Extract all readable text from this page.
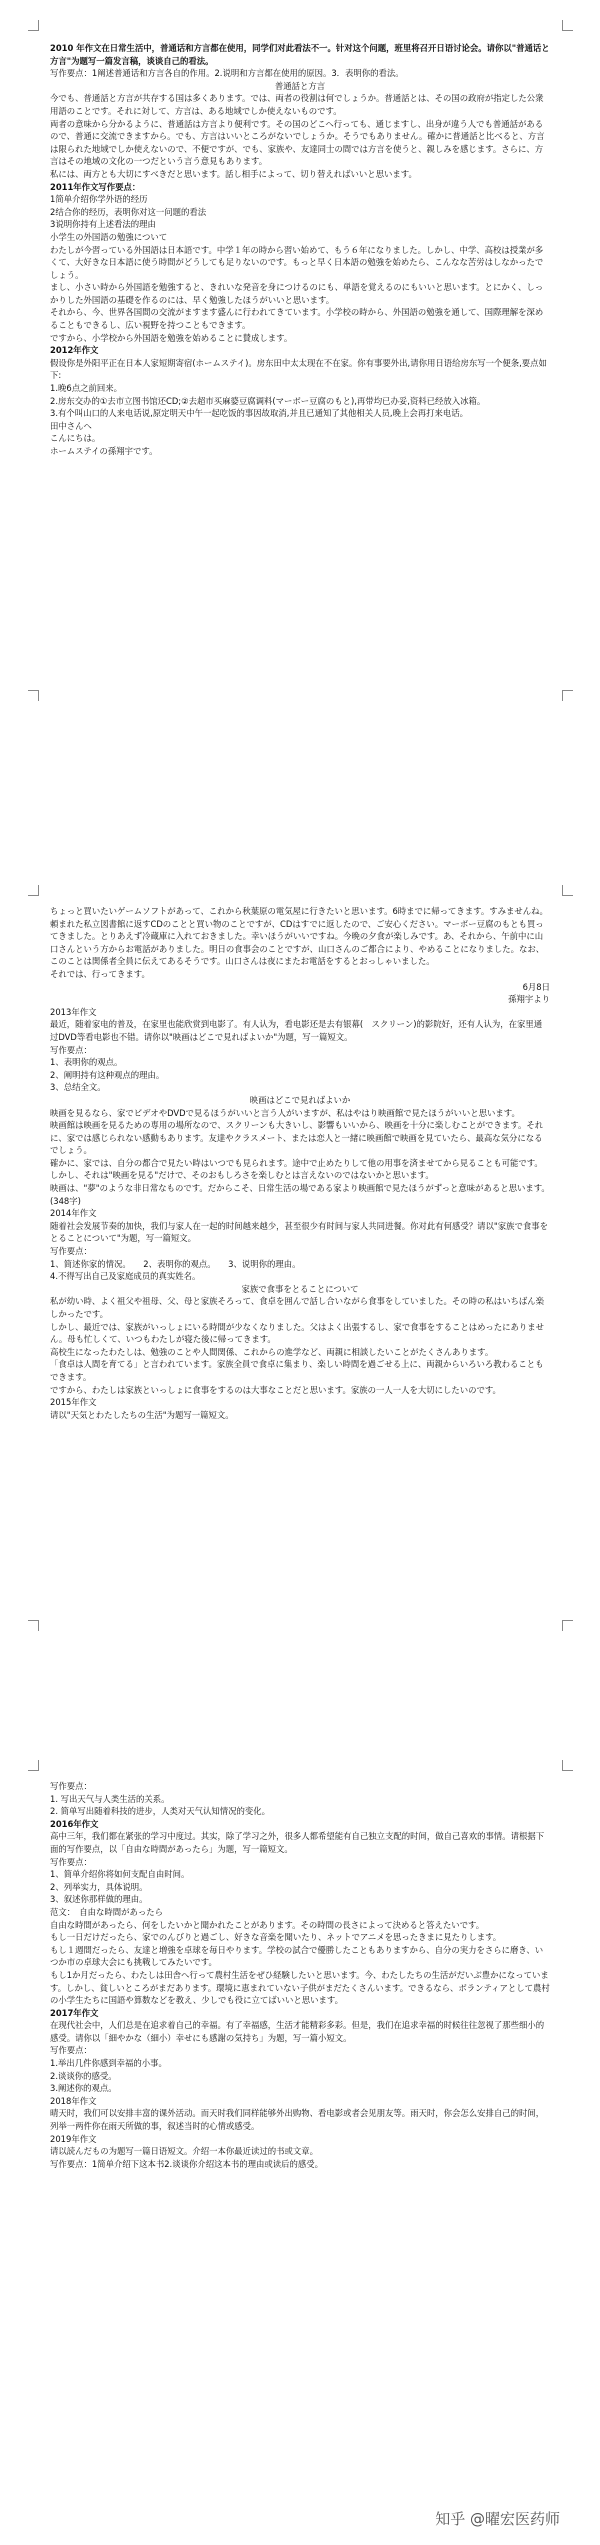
2010 年作文在日常生活中，普通话和方言都在使用，同学们对此看法不一。针对这个问题，班里将召开日语讨论会。请你以"普通话と方言"为题写一篇发言稿，谈谈自己的看法。

写作要点：1阐述普通话和方言各自的作用。2.说明和方言都在使用的原因。3．表明你的看法。

普通話と方言

今でも、普通話と方言が共存する国は多くあります。では、両者の役割は何でしょうか。普通話とは、その国の政府が指定した公衆用語のことです。それに対して、方言は、ある地域でしか使えないものです。

両者の意味から分かるように、普通話は方言より便利です。その国のどこへ行っても、通じますし、出身が違う人でも普通話があるので、普通に交流できますから。でも、方言はいいところがないでしょうか。そうでもありません。確かに普通話と比べると、方言は限られた地域でしか使えないので、不便ですが、でも、家族や、友達同士の間では方言を使うと、親しみを感じます。さらに、方言はその地域の文化の一つだという言う意見もあります。

私には、両方とも大切にすべきだと思います。話し相手によって、切り替えればいいと思います。

2011年作文写作要点：

1简单介绍你学外语的经历

2结合你的经历，表明你对这一问题的看法

3说明你持有上述看法的理由

小学生の外国語の勉強について

わたしが今習っている外国語は日本語です。中学１年の時から習い始めて、もう６年になりました。しかし、中学、高校は授業が多くて、大好きな日本語に使う時間がどうしても足りないのです。もっと早く日本語の勉強を始めたら、こんなな苦労はしなかったでしょう。

まし、小さい時から外国語を勉強すると、きれいな発音を身につけるのにも、単語を覚えるのにもいいと思います。とにかく、しっかりした外国語の基礎を作るのには、早く勉強したほうがいいと思います。

それから、今、世界各国間の交流がますます盛んに行われてきています。小学校の時から、外国語の勉強を通して、国際理解を深めることもできるし、広い視野を持つこともできます。

ですから、小学校から外国語を勉強を始めることに賛成します。

2012年作文

假设你是外阳平正在日本人家短期寄宿(ホームステイ)。房东田中太太现在不在家。你有事要外出,请你用日语给房东写一个便条,要点如下:

1.晚6点之前回来。

2.房东交办的①去市立图书馆还CD;②去超市买麻婆豆腐调料(マーボー豆腐のもと),再带均已办妥,资料已经放入冰箱。

3.有个叫山口的人来电话说,原定明天中午一起吃饭的事因故取消,并且已通知了其他相关人员,晚上会再打来电话。

田中さんへ

こんにちは。

ホームステイの孫翔宇です。

ちょっと買いたいゲームソフトがあって、これから秋葉原の電気屋に行きたいと思います。6時までに帰ってきます。すみませんね。

頼まれた私立図書館に返すCDのことと買い物のことですが、CDはすでに返したので、ご安心ください。マーボー豆腐のもとも買ってきました。とりあえず冷蔵庫に入れておきました。幸いほうがいいですね。今晩の夕食が楽しみです。あ、それから、午前中に山口さんという方からお電話がありました。明日の食事会のことですが、山口さんのご都合により、やめることになりました。なお、このことは関係者全員に伝えてあるそうです。山口さんは夜にまたお電話をするとおっしゃいました。

それでは、行ってきます。

6月8日

孫翔宇より

2013年作文

最近，随着家电的普及，在家里也能欣赏到电影了。有人认为，看电影还是去有银幕(　スクリーン)的影院好，还有人认为，在家里通过DVD等看电影也不错。请你以"映画はどこで見ればよいか"为题，写一篇短文。

写作要点：

1、表明你的观点。

2、阐明持有这种观点的理由。

3、总结全文。

映画はどこで見ればよいか

映画を見るなら、家でビデオやDVDで見るほうがいいと言う人がいますが、私はやはり映画館で見たほうがいいと思います。

映画館は映画を見るための専用の場所なので、スクリーンも大きいし、影響もいいから、映画を十分に楽しむことができます。それに、家では感じられない感動もあります。友達やクラスメート、または恋人と一緒に映画館で映画を見ていたら、最高な気分になるでしょう。

確かに、家では、自分の都合で見たい時はいつでも見られます。途中で止めたりして他の用事を済ませてから見ることも可能です。しかし、それは"映画を見る"だけで、そのおもしろさを楽しむとは言えないのではないかと思います。

映画は、"夢"のような非日常なものです。だからこそ、日常生活の場である家より映画館で見たほうがずっと意味があると思います。(348字)

2014年作文

随着社会发展节奏的加快，我们与家人在一起的时间越来越少，甚至很少有时间与家人共同进餐。你对此有何感受？请以"家族で食事をとることについて"为题，写一篇短文。

写作要点：

1、简述你家的情况。　　2、表明你的观点。　　3、说明你的理由。

4.不得写出自己及家庭成员的真实姓名。

家族で食事をとることについて

私が幼い時、よく祖父や祖母、父、母と家族そろって、食卓を囲んで話し合いながら食事をしていました。その時の私はいちばん楽しかったです。

しかし、最近では、家族がいっしょにいる時間が少なくなりました。父はよく出張するし、家で食事をすることはめったにありません。母も忙しくて、いつもわたしが寝た後に帰ってきます。

高校生になったわたしは、勉強のことや人間関係、これからの進学など、両親に相談したいことがたくさんあります。

「食卓は人間を育てる」と言われています。家族全員で食卓に集まり、楽しい時間を過ごせる上に、両親からいろいろ教わることもできます。

ですから、わたしは家族といっしょに食事をするのは大事なことだと思います。家族の一人一人を大切にしたいのです。

2015年作文

请以"天気とわたしたちの生活"为题写一篇短文。

写作要点：

1. 写出天气与人类生活的关系。

2. 简单写出随着科技的进步，人类对天气认知情况的变化。

2016年作文

高中三年，我们都在紧张的学习中度过。其实，除了学习之外，很多人都希望能有自己独立支配的时间，做自己喜欢的事情。请根据下面的写作要点，以「自由な時間があったら」为题，写一篇短文。

写作要点：

1、简单介绍你将如何支配自由时间。

2、列举实力，具体说明。

3、叙述你那样做的理由。

范文：　自由な時間があったら

自由な時間があったら、何をしたいかと聞かれたことがあります。その時間の長さによって決めると答えたいです。

もし一日だけだったら、家でのんびりと過ごし、好きな音楽を聞いたり、ネットでアニメを思ったきまに見たりします。

もし１週間だったら、友達と増強を卓球を毎日やります。学校の試合で優勝したこともありますから、自分の実力をさらに磨き、いつか市の卓球大会にも挑戦してみたいです。

もし1か月だったら、わたしは田舎へ行って農村生活をぜひ経験したいと思います。今、わたしたちの生活がだいぶ豊かになっています。しかし、貧しいところがまだあります。環境に恵まれていない子供がまだたくさんいます。できるなら、ボランティアとして農村の小学生たちに国語や算数などを教え、少しでも役に立てばいいと思います。

2017年作文

在现代社会中，人们总是在追求着自己的幸福。有了幸福感，生活才能精彩多彩。但是，我们在追求幸福的时候往往忽视了那些细小的感受。请你以「細やかな（細小）幸せにも感謝の気持ち」为题，写一篇小短文。

写作要点：

1.举出几件你感到幸福的小事。

2.谈谈你的感受。

3.阐述你的观点。

2018年作文

晴天时，我们可以安排丰富的课外活动。而天时我们同样能够外出购物、看电影或者会见朋友等。雨天时，你会怎么安排自己的时间，列举一两件你在雨天所做的事，叙述当时的心情或感受。

2019年作文

请以読んだもの为题写一篇日语短文。介绍一本你最近读过的书或文章。

写作要点：1简单介绍下这本书2.谈谈你介绍这本书的理由或读后的感受。

知乎 @曜宏医药师
